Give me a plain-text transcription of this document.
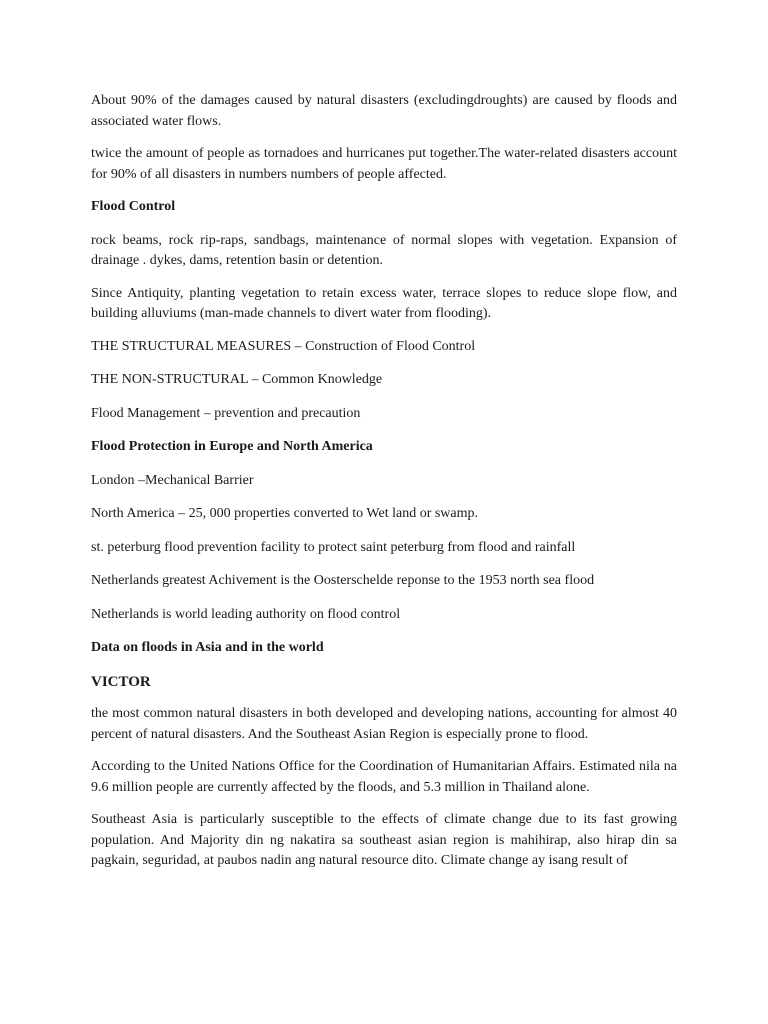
About 90% of the damages caused by natural disasters (excludingdroughts) are caused by floods and associated water flows.

twice the amount of people as tornadoes and hurricanes put together.The water-related disasters account for 90% of all disasters in numbers numbers of people affected.

Flood Control

rock beams, rock rip-raps, sandbags, maintenance of normal slopes with vegetation. Expansion of drainage . dykes, dams, retention basin or detention.

Since Antiquity, planting vegetation to retain excess water, terrace slopes to reduce slope flow, and building alluviums (man-made channels to divert water from flooding).

THE STRUCTURAL MEASURES – Construction of Flood Control

THE NON-STRUCTURAL – Common Knowledge

Flood Management – prevention and precaution

Flood Protection in Europe and North America

London –Mechanical Barrier

North America – 25, 000 properties converted to Wet land or swamp.

st. peterburg flood prevention facility to protect saint peterburg from flood and rainfall

Netherlands greatest Achivement is the Oosterschelde reponse to the 1953 north sea flood

Netherlands is world leading authority on flood control

Data on floods in Asia and in the world

VICTOR

the most common natural disasters in both developed and developing nations, accounting for almost 40 percent of natural disasters. And the Southeast Asian Region is especially prone to flood.

According to the United Nations Office for the Coordination of Humanitarian Affairs. Estimated nila na 9.6 million people are currently affected by the floods, and 5.3 million in Thailand alone.

Southeast Asia is particularly susceptible to the effects of climate change due to its fast growing population. And Majority din ng nakatira sa southeast asian region is mahihirap, also hirap din sa pagkain, seguridad, at paubos nadin ang natural resource dito. Climate change ay isang result of
